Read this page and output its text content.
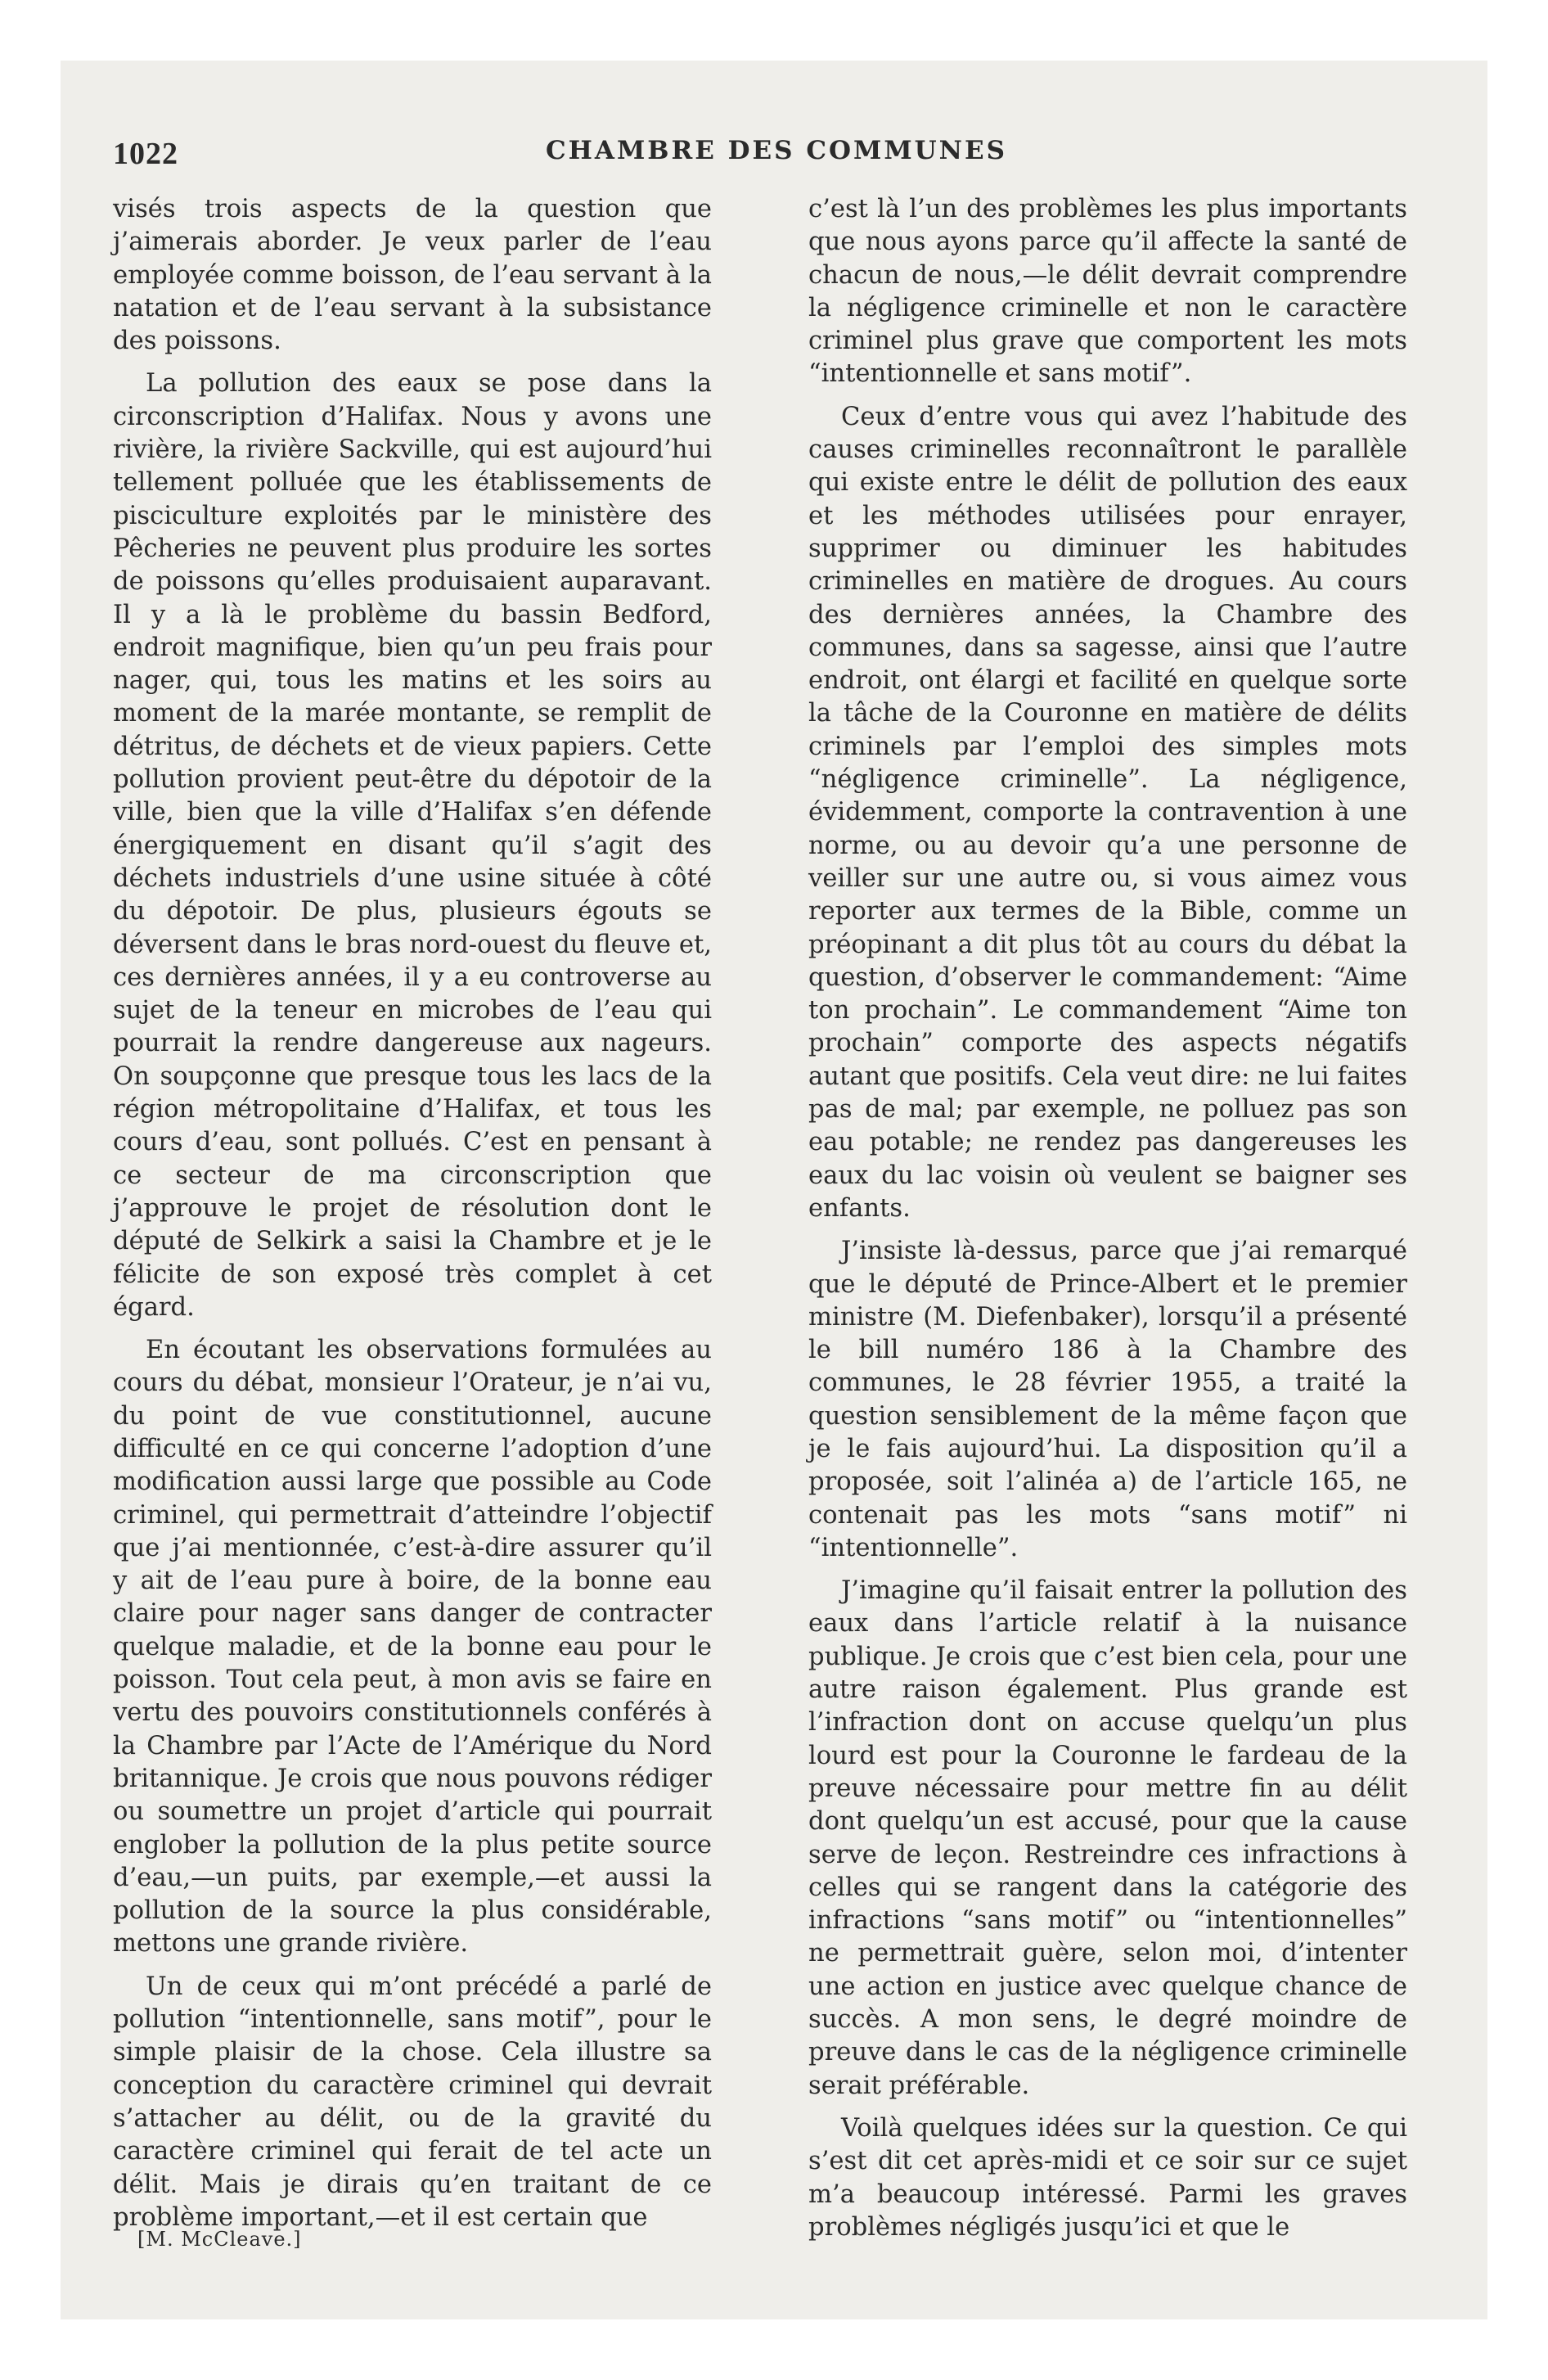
1022	CHAMBRE DES COMMUNES

visés trois aspects de la question que j’aimerais aborder. Je veux parler de l’eau employée comme boisson, de l’eau servant à la natation et de l’eau servant à la subsistance des poissons.

La pollution des eaux se pose dans la circonscription d’Halifax. Nous y avons une rivière, la rivière Sackville, qui est aujourd’hui tellement polluée que les établissements de pisciculture exploités par le ministère des Pêcheries ne peuvent plus produire les sortes de poissons qu’elles produisaient auparavant. Il y a là le problème du bassin Bedford, endroit magnifique, bien qu’un peu frais pour nager, qui, tous les matins et les soirs au moment de la marée montante, se remplit de détritus, de déchets et de vieux papiers. Cette pollution provient peut-être du dépotoir de la ville, bien que la ville d’Halifax s’en défende énergiquement en disant qu’il s’agit des déchets industriels d’une usine située à côté du dépotoir. De plus, plusieurs égouts se déversent dans le bras nord-ouest du fleuve et, ces dernières années, il y a eu controverse au sujet de la teneur en microbes de l’eau qui pourrait la rendre dangereuse aux nageurs. On soupçonne que presque tous les lacs de la région métropolitaine d’Halifax, et tous les cours d’eau, sont pollués. C’est en pensant à ce secteur de ma circonscription que j’approuve le projet de résolution dont le député de Selkirk a saisi la Chambre et je le félicite de son exposé très complet à cet égard.

En écoutant les observations formulées au cours du débat, monsieur l’Orateur, je n’ai vu, du point de vue constitutionnel, aucune difficulté en ce qui concerne l’adoption d’une modification aussi large que possible au Code criminel, qui permettrait d’atteindre l’objectif que j’ai mentionnée, c’est-à-dire assurer qu’il y ait de l’eau pure à boire, de la bonne eau claire pour nager sans danger de contracter quelque maladie, et de la bonne eau pour le poisson. Tout cela peut, à mon avis se faire en vertu des pouvoirs constitutionnels conférés à la Chambre par l’Acte de l’Amérique du Nord britannique. Je crois que nous pouvons rédiger ou soumettre un projet d’article qui pourrait englober la pollution de la plus petite source d’eau,—un puits, par exemple,—et aussi la pollution de la source la plus considérable, mettons une grande rivière.

Un de ceux qui m’ont précédé a parlé de pollution “intentionnelle, sans motif”, pour le simple plaisir de la chose. Cela illustre sa conception du caractère criminel qui devrait s’attacher au délit, ou de la gravité du caractère criminel qui ferait de tel acte un délit. Mais je dirais qu’en traitant de ce problème important,—et il est certain que

c’est là l’un des problèmes les plus importants que nous ayons parce qu’il affecte la santé de chacun de nous,—le délit devrait comprendre la négligence criminelle et non le caractère criminel plus grave que comportent les mots “intentionnelle et sans motif”.

Ceux d’entre vous qui avez l’habitude des causes criminelles reconnaîtront le parallèle qui existe entre le délit de pollution des eaux et les méthodes utilisées pour enrayer, supprimer ou diminuer les habitudes criminelles en matière de drogues. Au cours des dernières années, la Chambre des communes, dans sa sagesse, ainsi que l’autre endroit, ont élargi et facilité en quelque sorte la tâche de la Couronne en matière de délits criminels par l’emploi des simples mots “négligence criminelle”. La négligence, évidemment, comporte la contravention à une norme, ou au devoir qu’a une personne de veiller sur une autre ou, si vous aimez vous reporter aux termes de la Bible, comme un préopinant a dit plus tôt au cours du débat la question, d’observer le commandement: “Aime ton prochain”. Le commandement “Aime ton prochain” comporte des aspects négatifs autant que positifs. Cela veut dire: ne lui faites pas de mal; par exemple, ne polluez pas son eau potable; ne rendez pas dangereuses les eaux du lac voisin où veulent se baigner ses enfants.

J’insiste là-dessus, parce que j’ai remarqué que le député de Prince-Albert et le premier ministre (M. Diefenbaker), lorsqu’il a présenté le bill numéro 186 à la Chambre des communes, le 28 février 1955, a traité la question sensiblement de la même façon que je le fais aujourd’hui. La disposition qu’il a proposée, soit l’alinéa a) de l’article 165, ne contenait pas les mots “sans motif” ni “intentionnelle”.

J’imagine qu’il faisait entrer la pollution des eaux dans l’article relatif à la nuisance publique. Je crois que c’est bien cela, pour une autre raison également. Plus grande est l’infraction dont on accuse quelqu’un plus lourd est pour la Couronne le fardeau de la preuve nécessaire pour mettre fin au délit dont quelqu’un est accusé, pour que la cause serve de leçon. Restreindre ces infractions à celles qui se rangent dans la catégorie des infractions “sans motif” ou “intentionnelles” ne permettrait guère, selon moi, d’intenter une action en justice avec quelque chance de succès. A mon sens, le degré moindre de preuve dans le cas de la négligence criminelle serait préférable.

Voilà quelques idées sur la question. Ce qui s’est dit cet après-midi et ce soir sur ce sujet m’a beaucoup intéressé. Parmi les graves problèmes négligés jusqu’ici et que le

[M. McCleave.]
